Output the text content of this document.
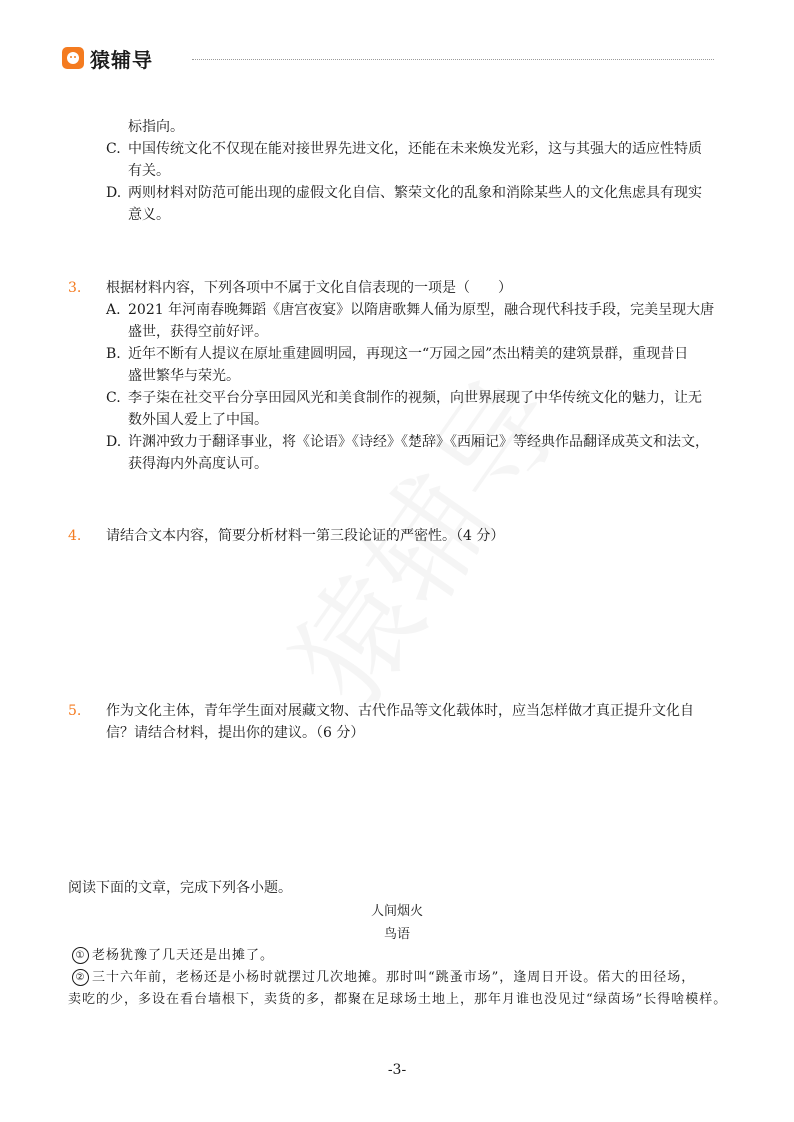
猿辅导
标指向。
C. 中国传统文化不仅现在能对接世界先进文化，还能在未来焕发光彩，这与其强大的适应性特质
有关。
D. 两则材料对防范可能出现的虚假文化自信、繁荣文化的乱象和消除某些人的文化焦虑具有现实
意义。
3. 根据材料内容，下列各项中不属于文化自信表现的一项是（　　）
A. 2021 年河南春晚舞蹈《唐宫夜宴》以隋唐歌舞人俑为原型，融合现代科技手段，完美呈现大唐
盛世，获得空前好评。
B. 近年不断有人提议在原址重建圆明园，再现这一“万园之园”杰出精美的建筑景群，重现昔日
盛世繁华与荣光。
C. 李子柒在社交平台分享田园风光和美食制作的视频，向世界展现了中华传统文化的魅力，让无
数外国人爱上了中国。
D. 许渊冲致力于翻译事业，将《论语》《诗经》《楚辞》《西厢记》等经典作品翻译成英文和法文，
获得海内外高度认可。
4. 请结合文本内容，简要分析材料一第三段论证的严密性。（4 分）
5. 作为文化主体，青年学生面对展藏文物、古代作品等文化载体时，应当怎样做才真正提升文化自
信？请结合材料，提出你的建议。（6 分）
阅读下面的文章，完成下列各小题。
人间烟火
鸟语
① 老杨犹豫了几天还是出摊了。
② 三十六年前，老杨还是小杨时就摆过几次地摊。那时叫“跳蚤市场”，逢周日开设。偌大的田径场，
卖吃的少，多设在看台墙根下，卖货的多，都聚在足球场土地上，那年月谁也没见过“绿茵场”长得啥模样。
-3-
